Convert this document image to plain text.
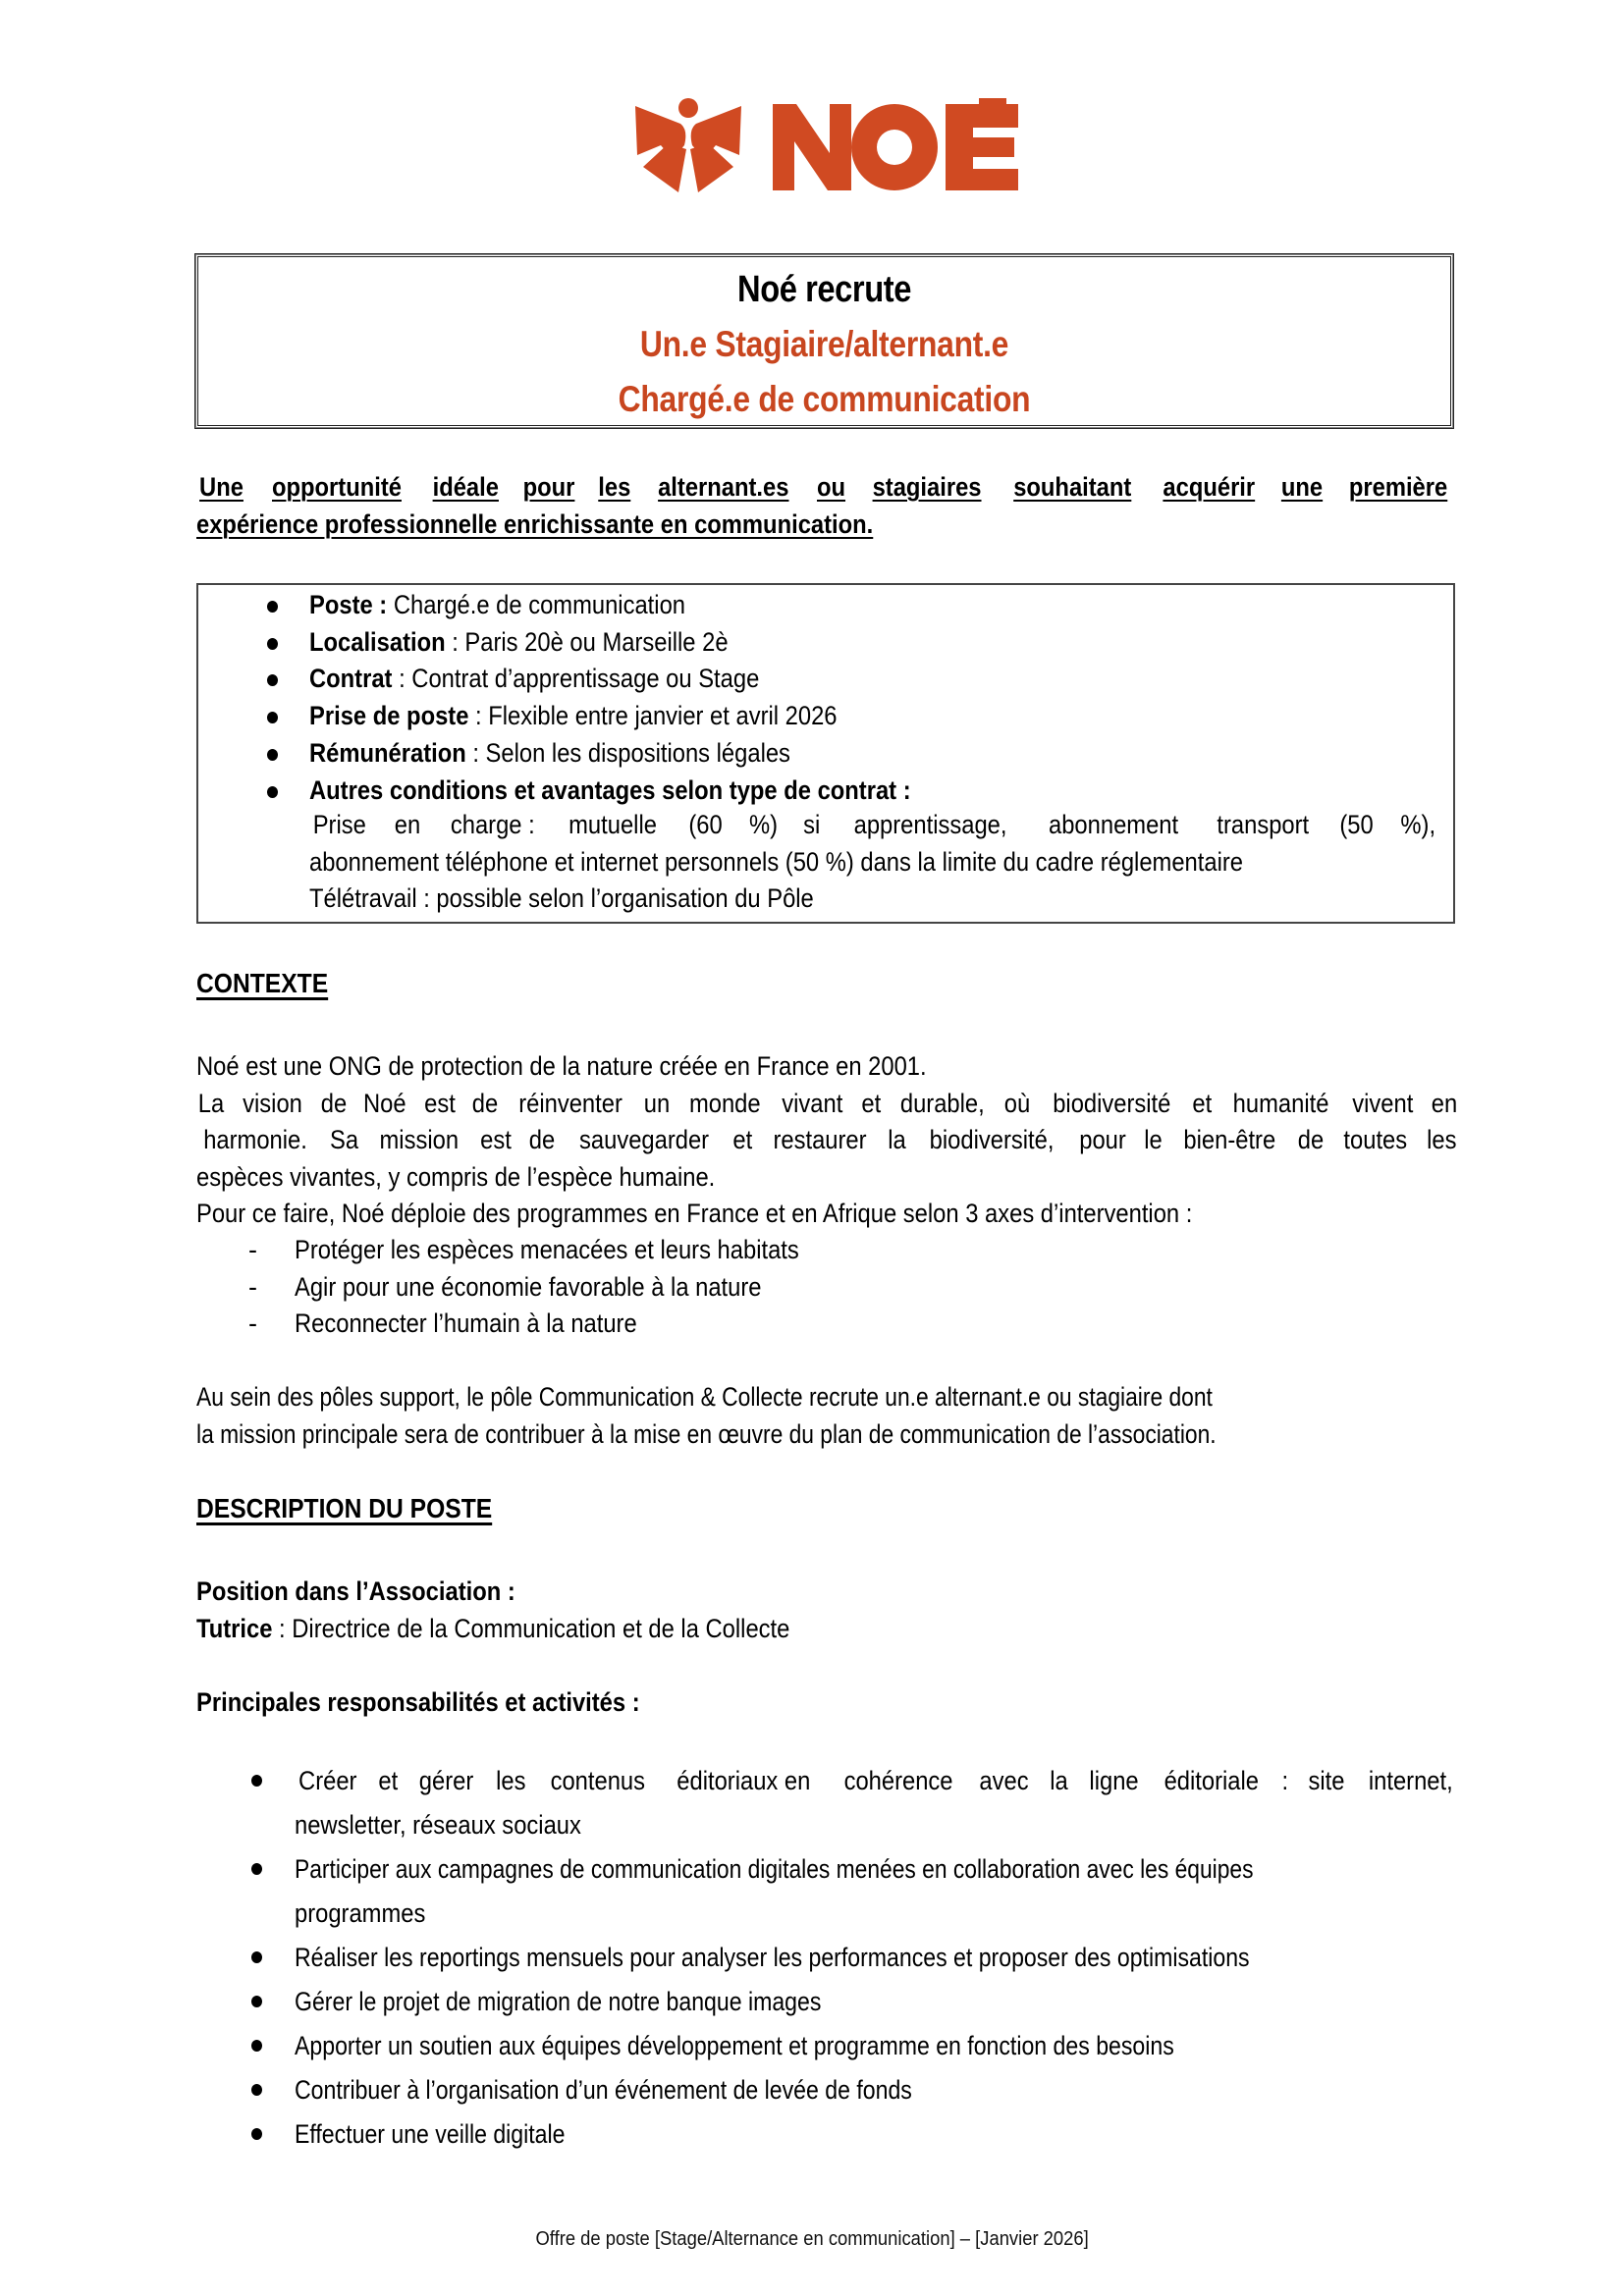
Noé recrute
Un.e Stagiaire/alternant.e
Chargé.e de communication
Une opportunité idéale pour les alternant.es ou stagiaires souhaitant acquérir une première
expérience professionnelle enrichissante en communication.
Poste : Chargé.e de communication
Localisation : Paris 20è ou Marseille 2è
Contrat : Contrat d’apprentissage ou Stage
Prise de poste : Flexible entre janvier et avril 2026
Rémunération : Selon les dispositions légales
Autres conditions et avantages selon type de contrat :
Prise en charge : mutuelle (60 %) si apprentissage, abonnement transport (50 %),
abonnement téléphone et internet personnels (50 %) dans la limite du cadre réglementaire
Télétravail : possible selon l’organisation du Pôle
CONTEXTE
Noé est une ONG de protection de la nature créée en France en 2001.
La vision de Noé est de réinventer un monde vivant et durable, où biodiversité et humanité vivent en
harmonie. Sa mission est de sauvegarder et restaurer la biodiversité, pour le bien-être de toutes les
espèces vivantes, y compris de l’espèce humaine.
Pour ce faire, Noé déploie des programmes en France et en Afrique selon 3 axes d’intervention :
- Protéger les espèces menacées et leurs habitats
- Agir pour une économie favorable à la nature
- Reconnecter l’humain à la nature
Au sein des pôles support, le pôle Communication & Collecte recrute un.e alternant.e ou stagiaire dont
la mission principale sera de contribuer à la mise en œuvre du plan de communication de l’association.
DESCRIPTION DU POSTE
Position dans l’Association :
Tutrice : Directrice de la Communication et de la Collecte
Principales responsabilités et activités :
Créer et gérer les contenus éditoriaux en cohérence avec la ligne éditoriale : site internet,
newsletter, réseaux sociaux
Participer aux campagnes de communication digitales menées en collaboration avec les équipes
programmes
Réaliser les reportings mensuels pour analyser les performances et proposer des optimisations
Gérer le projet de migration de notre banque images
Apporter un soutien aux équipes développement et programme en fonction des besoins
Contribuer à l’organisation d’un événement de levée de fonds
Effectuer une veille digitale
Offre de poste [Stage/Alternance en communication] – [Janvier 2026]
